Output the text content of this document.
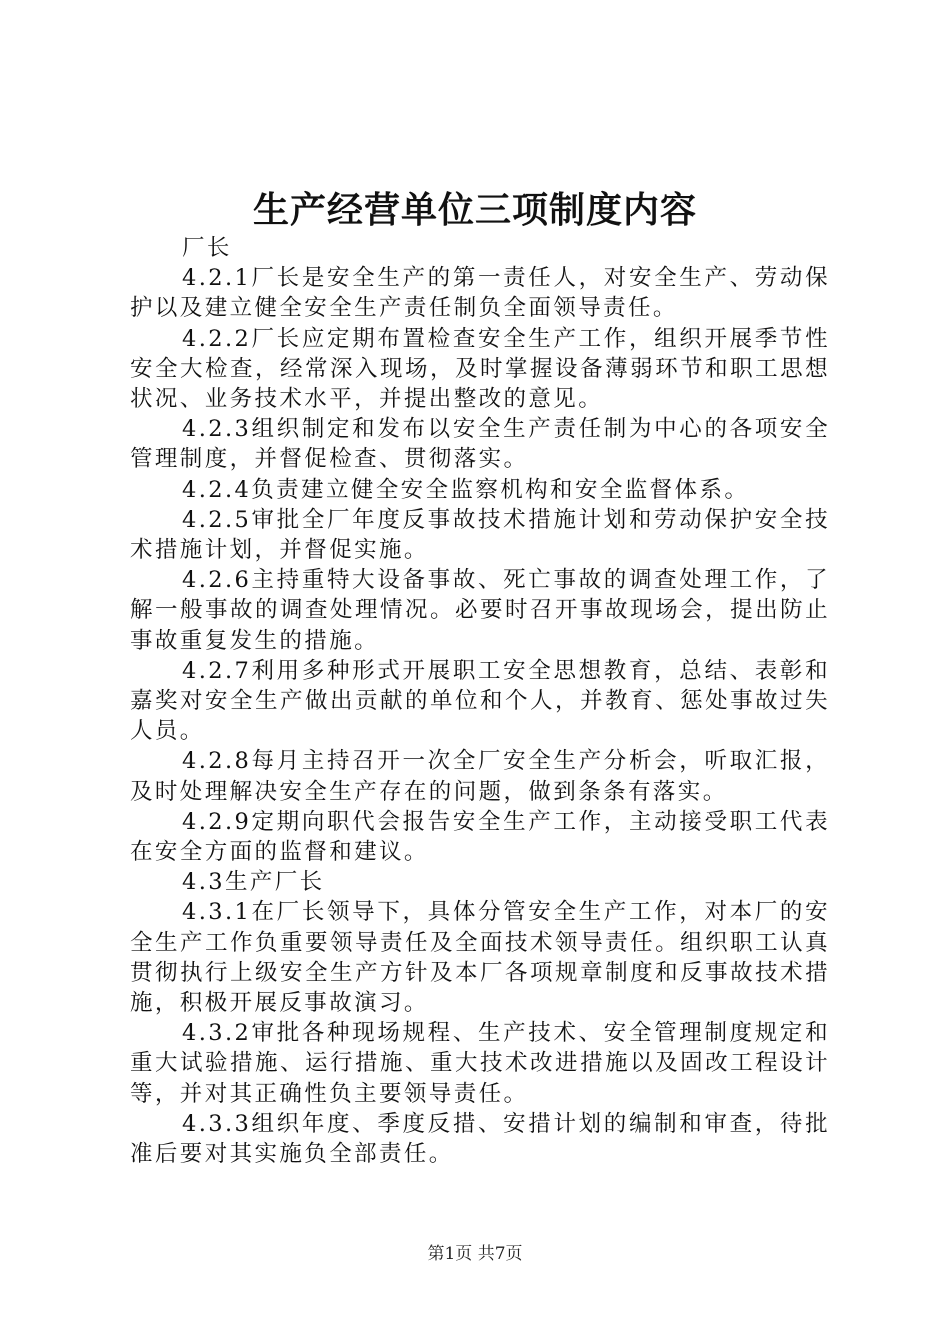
生产经营单位三项制度内容

厂长

4.2.1厂长是安全生产的第一责任人，对安全生产、劳动保护以及建立健全安全生产责任制负全面领导责任。

4.2.2厂长应定期布置检查安全生产工作，组织开展季节性安全大检查，经常深入现场，及时掌握设备薄弱环节和职工思想状况、业务技术水平，并提出整改的意见。

4.2.3组织制定和发布以安全生产责任制为中心的各项安全管理制度，并督促检查、贯彻落实。

4.2.4负责建立健全安全监察机构和安全监督体系。

4.2.5审批全厂年度反事故技术措施计划和劳动保护安全技术措施计划，并督促实施。

4.2.6主持重特大设备事故、死亡事故的调查处理工作，了解一般事故的调查处理情况。必要时召开事故现场会，提出防止事故重复发生的措施。

4.2.7利用多种形式开展职工安全思想教育，总结、表彰和嘉奖对安全生产做出贡献的单位和个人，并教育、惩处事故过失人员。

4.2.8每月主持召开一次全厂安全生产分析会，听取汇报，及时处理解决安全生产存在的问题，做到条条有落实。

4.2.9定期向职代会报告安全生产工作，主动接受职工代表在安全方面的监督和建议。

4.3生产厂长

4.3.1在厂长领导下，具体分管安全生产工作，对本厂的安全生产工作负重要领导责任及全面技术领导责任。组织职工认真贯彻执行上级安全生产方针及本厂各项规章制度和反事故技术措施，积极开展反事故演习。

4.3.2审批各种现场规程、生产技术、安全管理制度规定和重大试验措施、运行措施、重大技术改进措施以及固改工程设计等，并对其正确性负主要领导责任。

4.3.3组织年度、季度反措、安措计划的编制和审查，待批准后要对其实施负全部责任。

第1页 共7页
